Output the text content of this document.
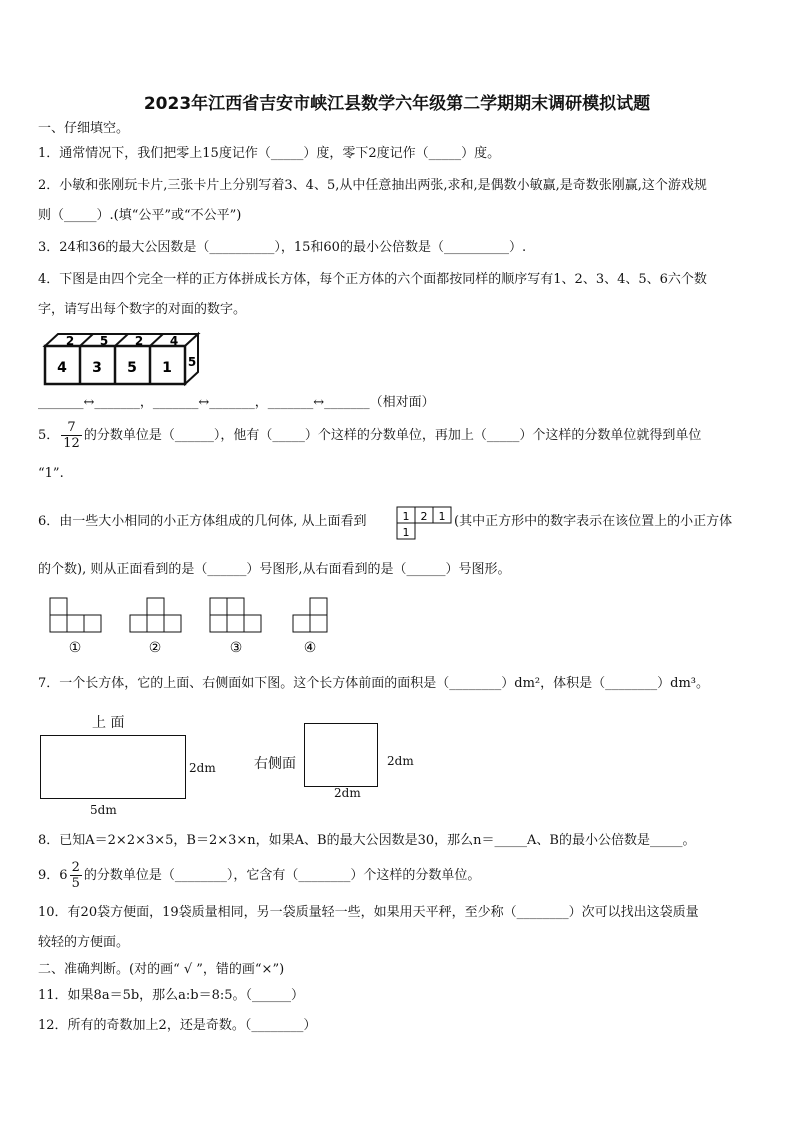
2023年江西省吉安市峡江县数学六年级第二学期期末调研模拟试题
一、仔细填空。
1．通常情况下，我们把零上15度记作（_____）度，零下2度记作（_____）度。
2．小敏和张刚玩卡片,三张卡片上分别写着3、4、5,从中任意抽出两张,求和,是偶数小敏赢,是奇数张刚赢,这个游戏规
则（_____）.(填“公平”或“不公平”)
3．24和36的最大公因数是（__________），15和60的最小公倍数是（__________）.
4．下图是由四个完全一样的正方体拼成长方体，每个正方体的六个面都按同样的顺序写有1、2、3、4、5、6六个数
字，请写出每个数字的对面的数字。
4 3 5 1
2 5 2 4
5
_______↔_______，_______↔_______，_______↔_______（相对面）
5． $\frac{7}{12}$ 的分数单位是（______），他有（_____）个这样的分数单位，再加上（_____）个这样的分数单位就得到单位
“1”.
6．由一些大小相同的小正方体组成的几何体, 从上面看到	1 2 1
1
(其中正方形中的数字表示在该位置上的小正方体
的个数), 则从正面看到的是（______）号图形,从右面看到的是（______）号图形。
①	②	③	④
7．一个长方体，它的上面、右侧面如下图。这个长方体前面的面积是（________）dm²，体积是（________）dm³。
上 面
2dm
5dm
右侧面	2dm
2dm
8．已知A＝2×2×3×5，B＝2×3×n，如果A、B的最大公因数是30，那么n＝_____A、B的最小公倍数是_____。
9．$6 \frac{2}{5}$ 的分数单位是（________），它含有（________）个这样的分数单位。
10．有20袋方便面，19袋质量相同，另一袋质量轻一些，如果用天平秤，至少称（________）次可以找出这袋质量
较轻的方便面。
二、准确判断。(对的画“ √ ”，错的画“×”)
11．如果8a＝5b，那么a:b＝8:5。（______）
12．所有的奇数加上2，还是奇数。（________）
